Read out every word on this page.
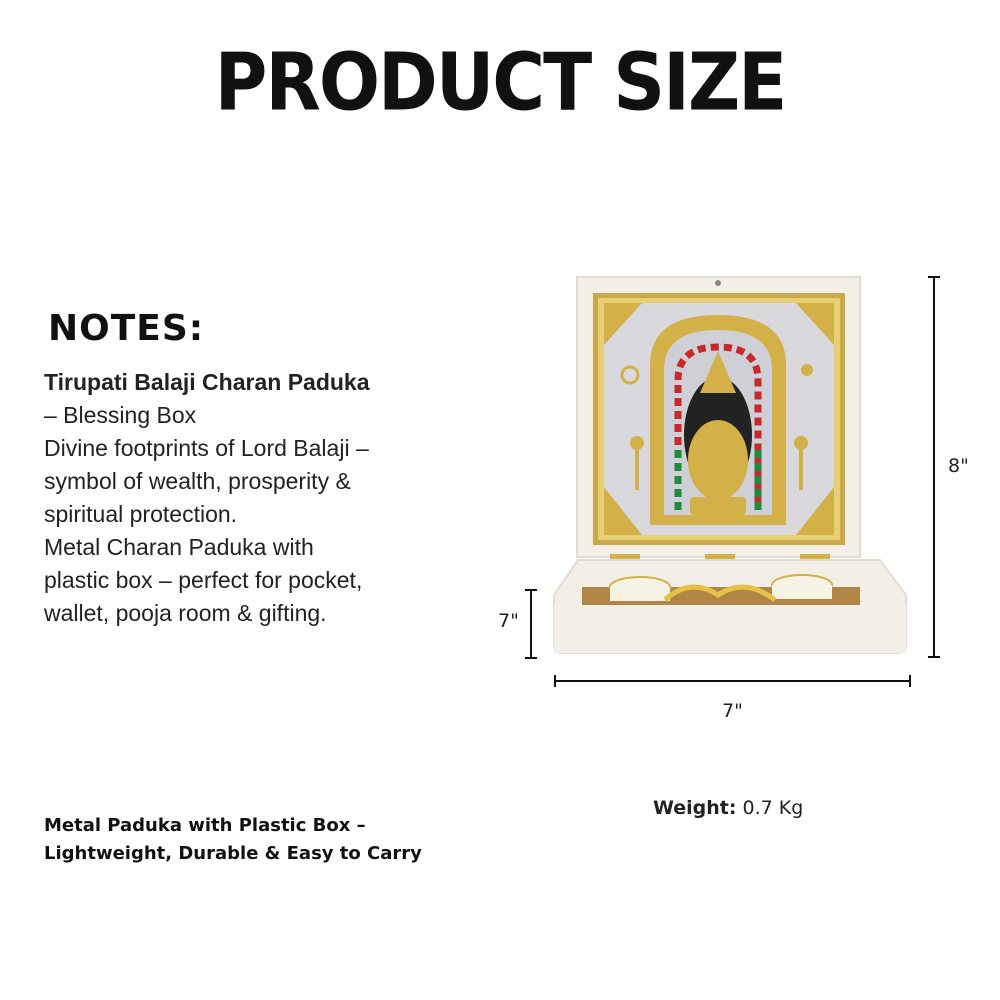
PRODUCT SIZE
NOTES:

Tirupati Balaji Charan Paduka – Blessing Box

Divine footprints of Lord Balaji – symbol of wealth, prosperity & spiritual protection.

Metal Charan Paduka with plastic box – perfect for pocket, wallet, pooja room & gifting.

Metal Paduka with Plastic Box – Lightweight, Durable & Easy to Carry
Weight: 0.7 Kg
8"
7"
7"
